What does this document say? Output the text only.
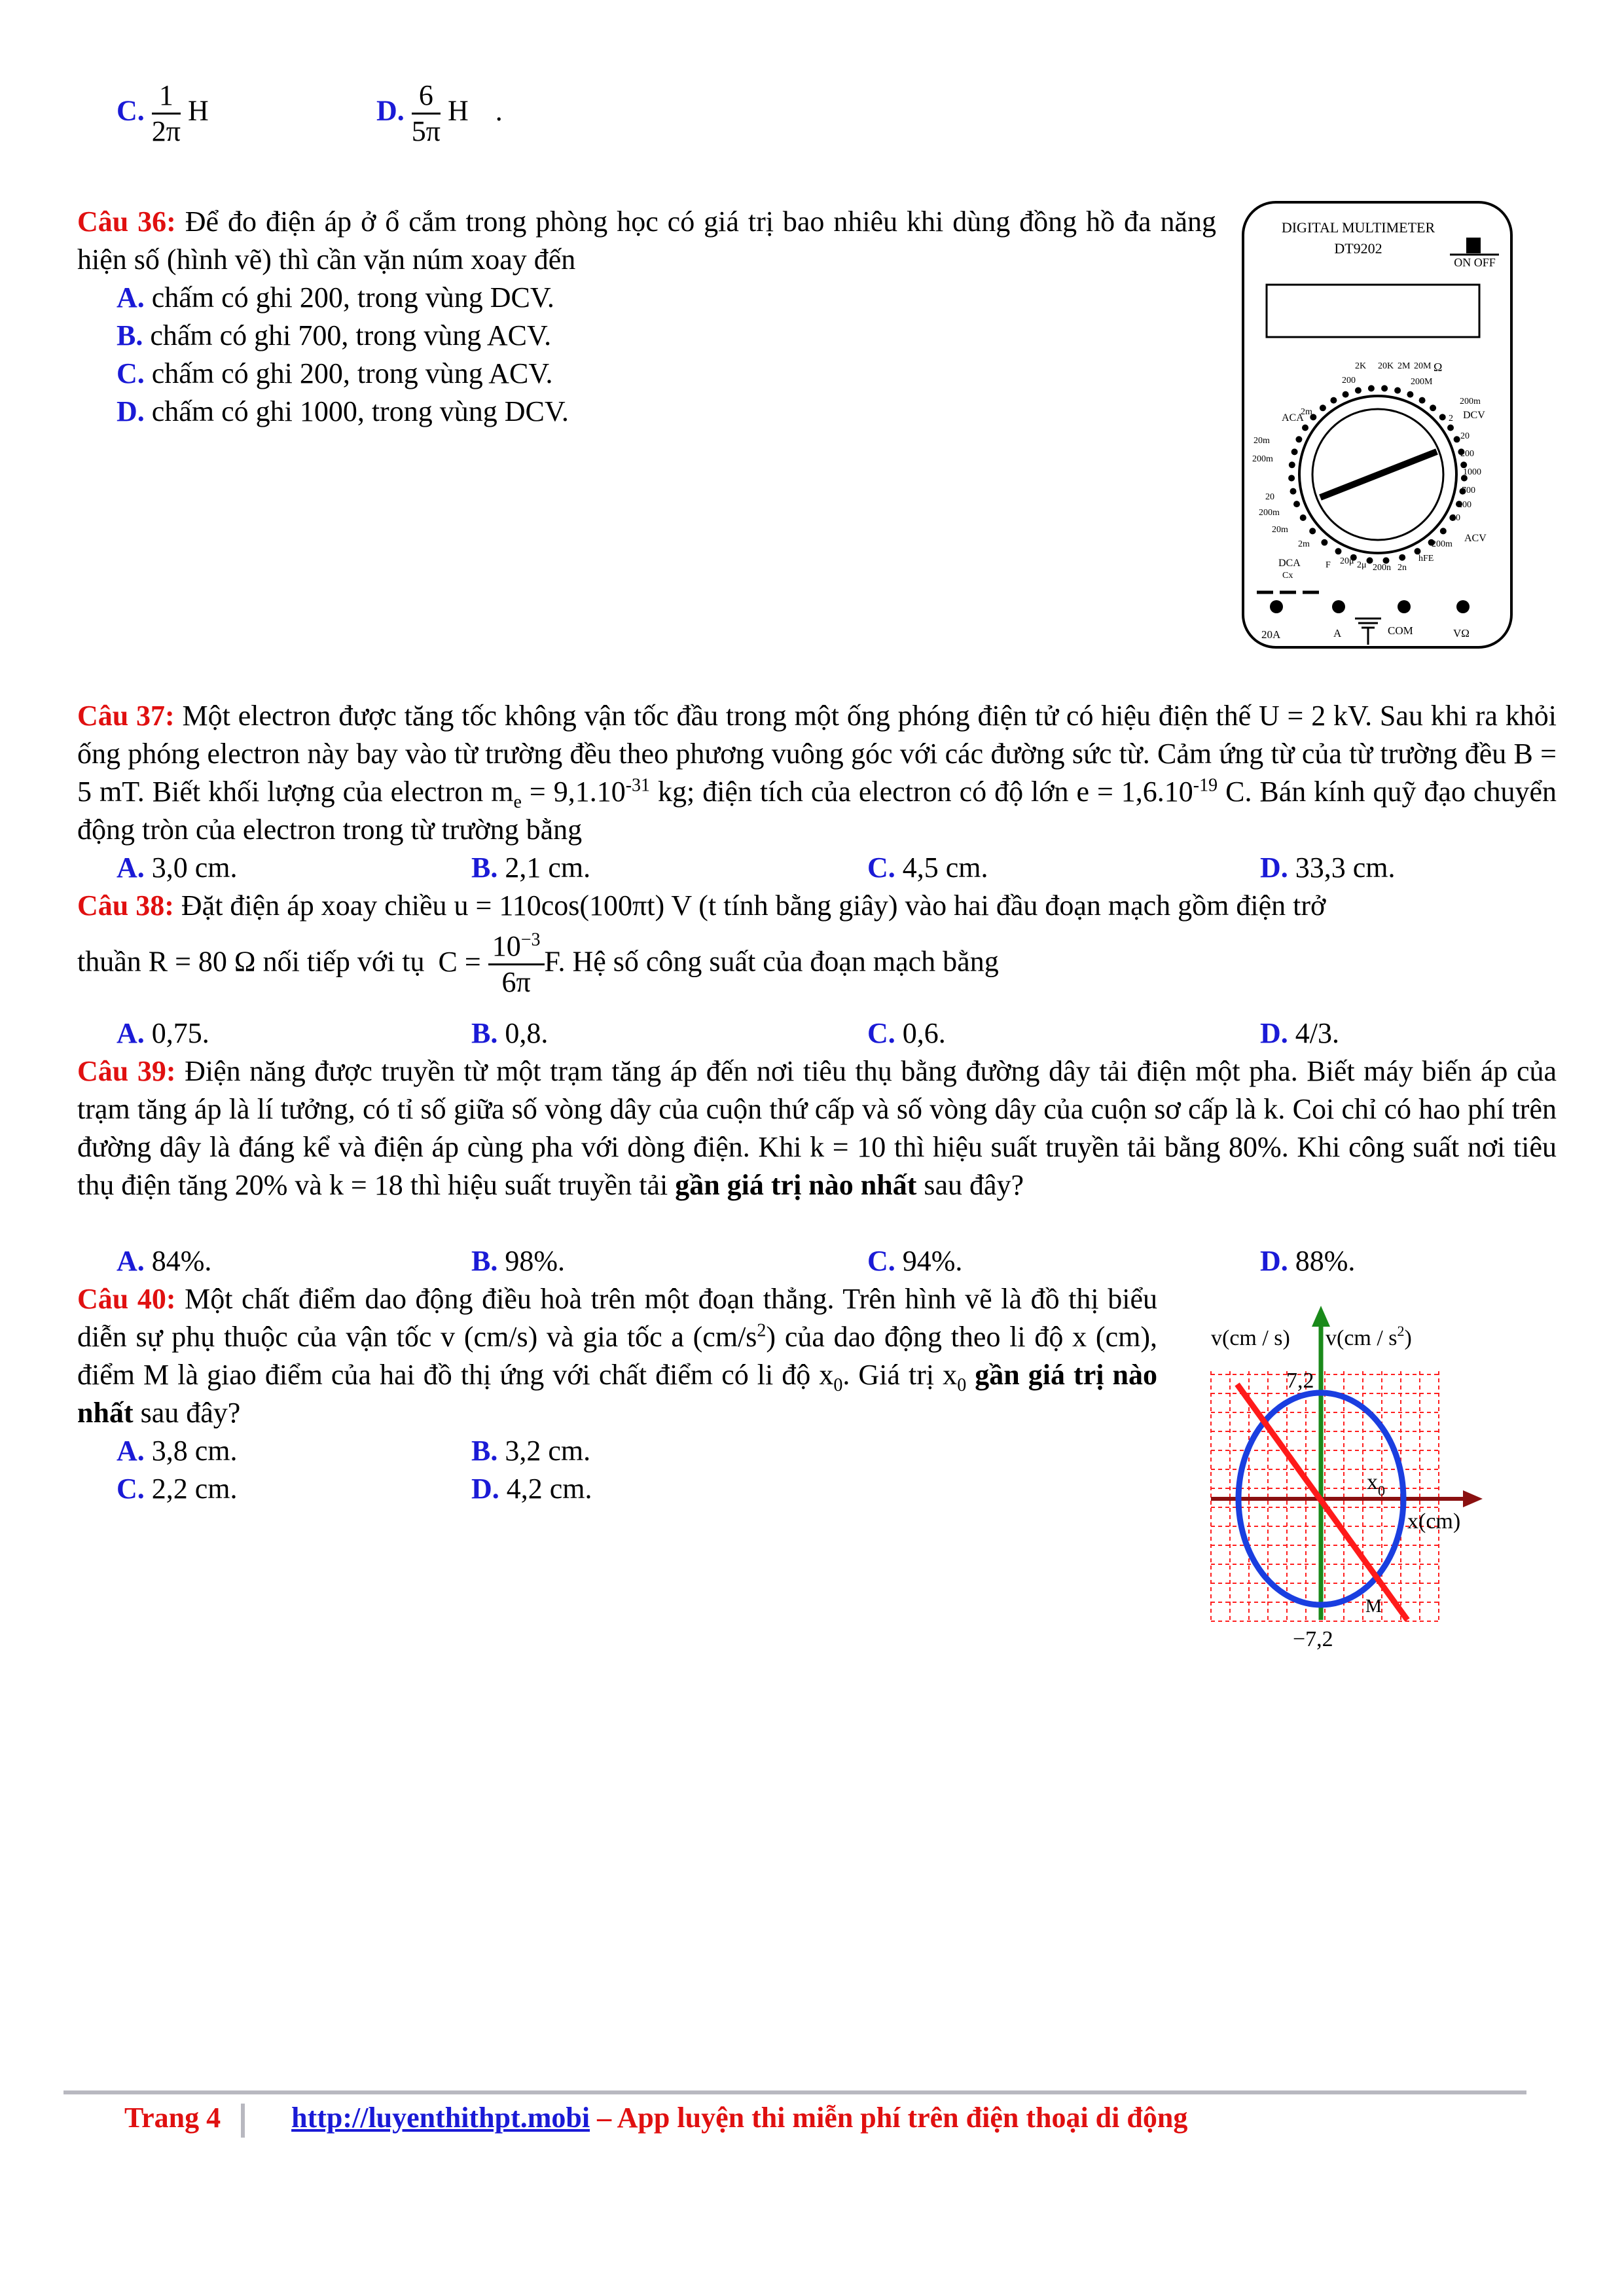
C. $\frac{1}{2\pi}$ H	D. $\frac{6}{5\pi}$ H .
Câu 36: Để đo điện áp ở ổ cắm trong phòng học có giá trị bao nhiêu khi dùng đồng hồ đa năng hiện số (hình vẽ) thì cần vặn núm xoay đến
A. chấm có ghi 200, trong vùng DCV.
B. chấm có ghi 700, trong vùng ACV.
C. chấm có ghi 200, trong vùng ACV.
D. chấm có ghi 1000, trong vùng DCV.
DIGITAL MULTIMETER
DT9202
ON OFF
200
2K 20K 2M 20M
200M
Ω
ACA
2m
20m
200m
20
200m
20m
2m
DCV
200m
2
20
200
1000
700
200
20
200m
ACV
DCA
Cx
F 20μ 2μ 200n 2n
hFE
20A	A	COM	VΩ
Câu 37: Một electron được tăng tốc không vận tốc đầu trong một ống phóng điện tử có hiệu điện thế U = 2 kV. Sau khi ra khỏi ống phóng electron này bay vào từ trường đều theo phương vuông góc với các đường sức từ. Cảm ứng từ của từ trường đều B = 5 mT. Biết khối lượng của electron $m_e = 9,1.10^{-31}$ kg; điện tích của electron có độ lớn $e = 1,6.10^{-19}$ C. Bán kính quỹ đạo chuyển động tròn của electron trong từ trường bằng
A. 3,0 cm.	B. 2,1 cm.	C. 4,5 cm.	D. 33,3 cm.
Câu 38: Đặt điện áp xoay chiều u = 110cos(100πt) V (t tính bằng giây) vào hai đầu đoạn mạch gồm điện trở
thuần R = 80 Ω nối tiếp với tụ $C = \frac{10^{-3}}{6\pi} F$. Hệ số công suất của đoạn mạch bằng
A. 0,75.	B. 0,8.	C. 0,6.	D. 4/3.
Câu 39: Điện năng được truyền từ một trạm tăng áp đến nơi tiêu thụ bằng đường dây tải điện một pha. Biết máy biến áp của trạm tăng áp là lí tưởng, có tỉ số giữa số vòng dây của cuộn thứ cấp và số vòng dây của cuộn sơ cấp là k. Coi chỉ có hao phí trên đường dây là đáng kể và điện áp cùng pha với dòng điện. Khi k = 10 thì hiệu suất truyền tải bằng 80%. Khi công suất nơi tiêu thụ điện tăng 20% và k = 18 thì hiệu suất truyền tải gần giá trị nào nhất sau đây?
A. 84%.	B. 98%.	C. 94%.	D. 88%.
Câu 40: Một chất điểm dao động điều hoà trên một đoạn thẳng. Trên hình vẽ là đồ thị biểu diễn sự phụ thuộc của vận tốc v (cm/s) và gia tốc a $(cm/s^2)$ của dao động theo li độ x (cm), điểm M là giao điểm của hai đồ thị ứng với chất điểm có li độ $x_0$. Giá trị $x_0$ gần giá trị nào nhất sau đây?
A. 3,8 cm.	B. 3,2 cm.
C. 2,2 cm.	D. 4,2 cm.
v(cm / s) $v(cm / s^2)$
7,2
−7,2
x(cm)
$x_0$
M
Trang 4 http://luyenthithpt.mobi – App luyện thi miễn phí trên điện thoại di động
